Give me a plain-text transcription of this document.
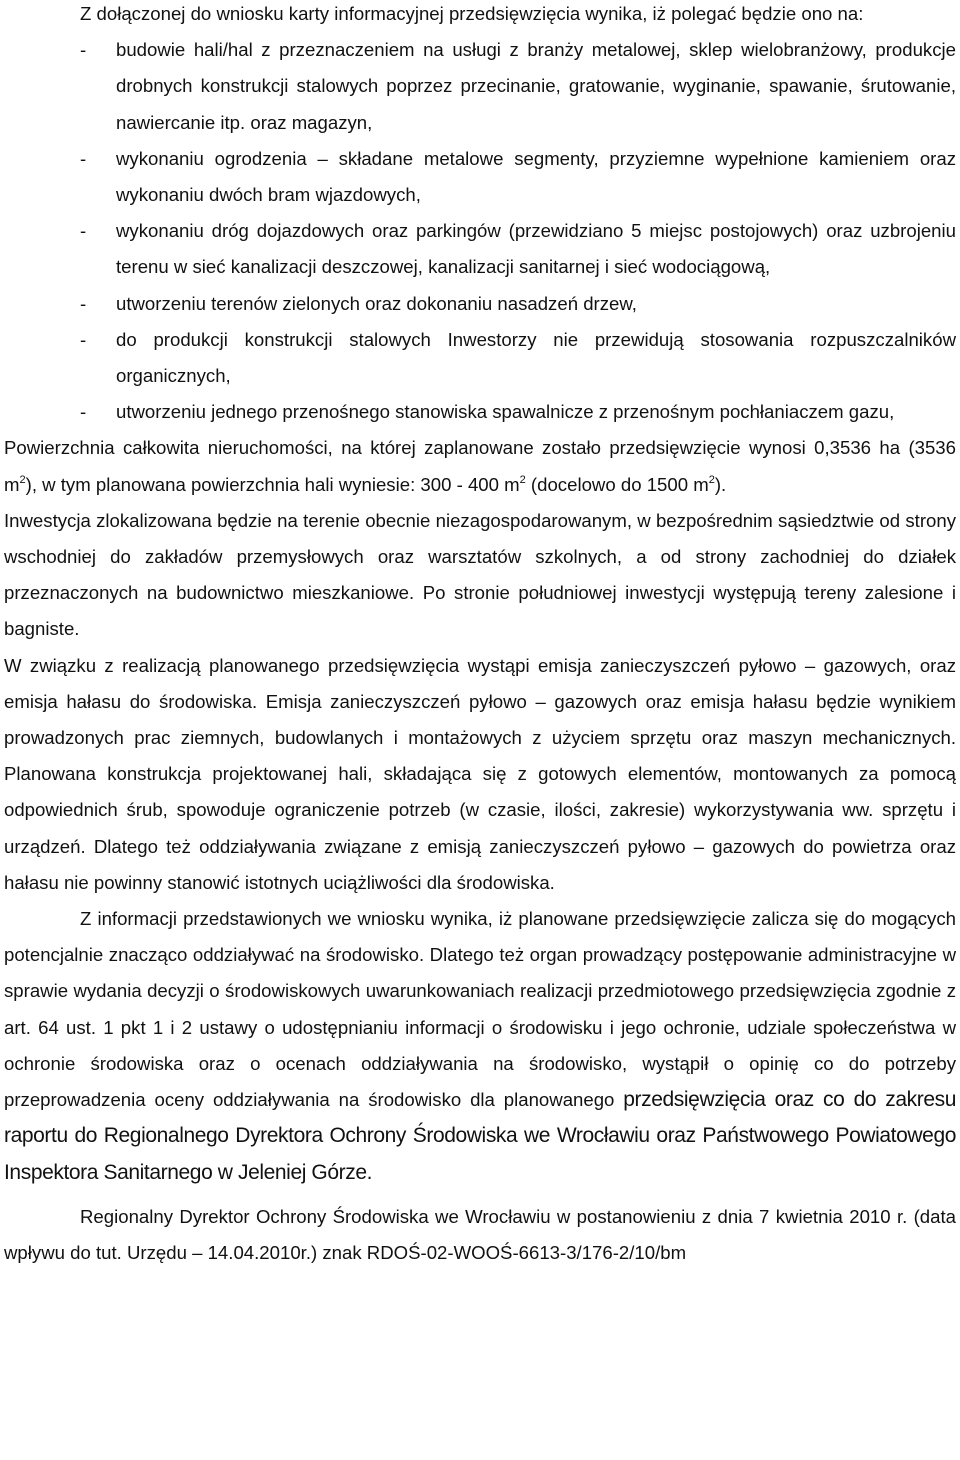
Z dołączonej do wniosku karty informacyjnej przedsięwzięcia wynika, iż polegać będzie ono na:

- budowie hali/hal z przeznaczeniem na usługi z branży metalowej, sklep wielobranżowy, produkcje drobnych konstrukcji stalowych poprzez przecinanie, gratowanie, wyginanie, spawanie, śrutowanie, nawiercanie itp. oraz magazyn,
- wykonaniu ogrodzenia – składane metalowe segmenty, przyziemne wypełnione kamieniem oraz wykonaniu dwóch bram wjazdowych,
- wykonaniu dróg dojazdowych oraz parkingów (przewidziano 5 miejsc postojowych) oraz uzbrojeniu terenu w sieć kanalizacji deszczowej, kanalizacji sanitarnej i sieć wodociągową,
- utworzeniu terenów zielonych oraz dokonaniu nasadzeń drzew,
- do produkcji konstrukcji stalowych Inwestorzy nie przewidują stosowania rozpuszczalników organicznych,
- utworzeniu jednego przenośnego stanowiska spawalnicze z przenośnym pochłaniaczem gazu,

Powierzchnia całkowita nieruchomości, na której zaplanowane zostało przedsięwzięcie wynosi 0,3536 ha (3536 $m^2$), w tym planowana powierzchnia hali wyniesie: 300 - 400 $m^2$ (docelowo do 1500 $m^2$).

Inwestycja zlokalizowana będzie na terenie obecnie niezagospodarowanym, w bezpośrednim sąsiedztwie od strony wschodniej do zakładów przemysłowych oraz warsztatów szkolnych, a od strony zachodniej do działek przeznaczonych na budownictwo mieszkaniowe. Po stronie południowej inwestycji występują tereny zalesione i bagniste.

W związku z realizacją planowanego przedsięwzięcia wystąpi emisja zanieczyszczeń pyłowo – gazowych, oraz emisja hałasu do środowiska. Emisja zanieczyszczeń pyłowo – gazowych oraz emisja hałasu będzie wynikiem prowadzonych prac ziemnych, budowlanych i montażowych z użyciem sprzętu oraz maszyn mechanicznych. Planowana konstrukcja projektowanej hali, składająca się z gotowych elementów, montowanych za pomocą odpowiednich śrub, spowoduje ograniczenie potrzeb (w czasie, ilości, zakresie) wykorzystywania ww. sprzętu i urządzeń. Dlatego też oddziaływania związane z emisją zanieczyszczeń pyłowo – gazowych do powietrza oraz hałasu nie powinny stanowić istotnych uciążliwości dla środowiska.

Z informacji przedstawionych we wniosku wynika, iż planowane przedsięwzięcie zalicza się do mogących potencjalnie znacząco oddziaływać na środowisko. Dlatego też organ prowadzący postępowanie administracyjne w sprawie wydania decyzji o środowiskowych uwarunkowaniach realizacji przedmiotowego przedsięwzięcia zgodnie z art. 64 ust. 1 pkt 1 i 2 ustawy o udostępnianiu informacji o środowisku i jego ochronie, udziale społeczeństwa w ochronie środowiska oraz o ocenach oddziaływania na środowisko, wystąpił o opinię co do potrzeby przeprowadzenia oceny oddziaływania na środowisko dla planowanego przedsięwzięcia oraz co do zakresu raportu do Regionalnego Dyrektora Ochrony Środowiska we Wrocławiu oraz Państwowego Powiatowego Inspektora Sanitarnego w Jeleniej Górze.

Regionalny Dyrektor Ochrony Środowiska we Wrocławiu w postanowieniu z dnia 7 kwietnia 2010 r. (data wpływu do tut. Urzędu – 14.04.2010r.) znak RDOŚ-02-WOOŚ-6613-3/176-2/10/bm
